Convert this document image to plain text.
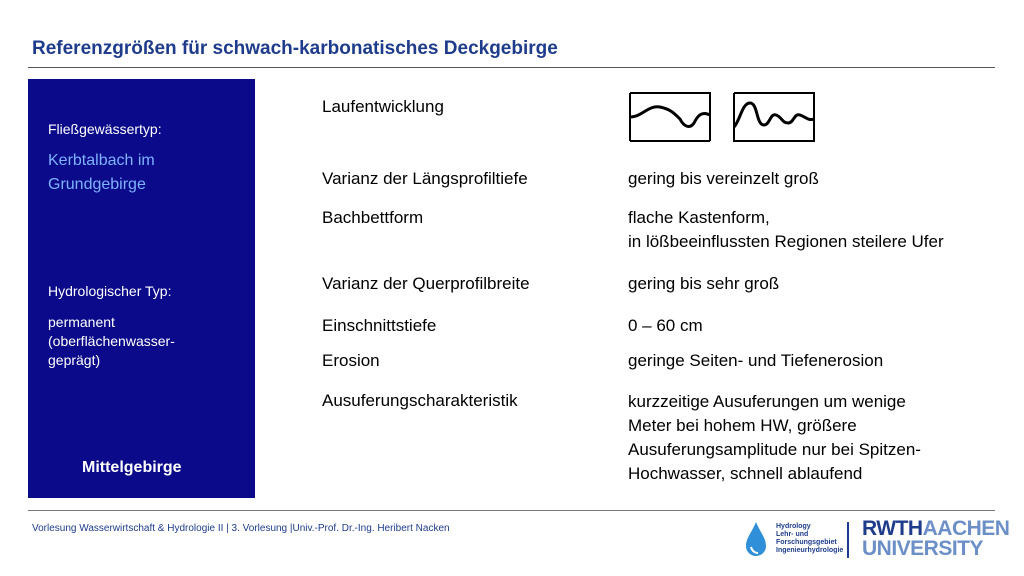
Referenzgrößen für schwach-karbonatisches Deckgebirge
Fließgewässertyp:
Kerbtalbach im
Grundgebirge
Hydrologischer Typ:
permanent
(oberflächenwasser-
geprägt)
Mittelgebirge
Laufentwicklung
Varianz der Längsprofiltiefe	gering bis vereinzelt groß
Bachbettform	flache Kastenform,
in lößbeeinflussten Regionen steilere Ufer
Varianz der Querprofilbreite	gering bis sehr groß
Einschnittstiefe	0 – 60 cm
Erosion	geringe Seiten- und Tiefenerosion
Ausuferungscharakteristik	kurzzeitige Ausuferungen um wenige
Meter bei hohem HW, größere
Ausuferungsamplitude nur bei Spitzen-
Hochwasser, schnell ablaufend
Vorlesung Wasserwirtschaft & Hydrologie II | 3. Vorlesung |Univ.-Prof. Dr.-Ing. Heribert Nacken	Hydrology
Lehr- und
Forschungsgebiet
Ingenieurhydrologie
RWTHAACHEN
UNIVERSITY
